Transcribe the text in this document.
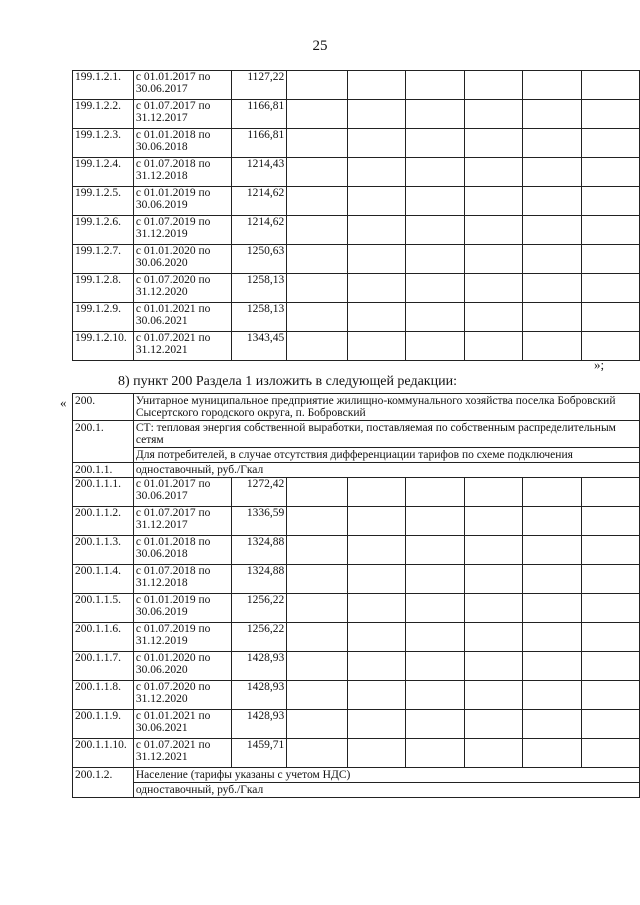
25
199.1.2.1.	с 01.01.2017 по 30.06.2017	1127,22						
199.1.2.2.	с 01.07.2017 по 31.12.2017	1166,81						
199.1.2.3.	с 01.01.2018 по 30.06.2018	1166,81						
199.1.2.4.	с 01.07.2018 по 31.12.2018	1214,43						
199.1.2.5.	с 01.01.2019 по 30.06.2019	1214,62						
199.1.2.6.	с 01.07.2019 по 31.12.2019	1214,62						
199.1.2.7.	с 01.01.2020 по 30.06.2020	1250,63						
199.1.2.8.	с 01.07.2020 по 31.12.2020	1258,13						
199.1.2.9.	с 01.01.2021 по 30.06.2021	1258,13						
199.1.2.10.	с 01.07.2021 по 31.12.2021	1343,45						
»;
8) пункт 200 Раздела 1 изложить в следующей редакции:
« 200.	Унитарное муниципальное предприятие жилищно-коммунального хозяйства поселка Бобровский Сысертского городского округа, п. Бобровский							
200.1.	СТ: тепловая энергия собственной выработки, поставляемая по собственным распределительным сетям							
	Для потребителей, в случае отсутствия дифференциации тарифов по схеме подключения							
200.1.1.	одноставочный, руб./Гкал							
200.1.1.1.	с 01.01.2017 по 30.06.2017	1272,42						
200.1.1.2.	с 01.07.2017 по 31.12.2017	1336,59						
200.1.1.3.	с 01.01.2018 по 30.06.2018	1324,88						
200.1.1.4.	с 01.07.2018 по 31.12.2018	1324,88						
200.1.1.5.	с 01.01.2019 по 30.06.2019	1256,22						
200.1.1.6.	с 01.07.2019 по 31.12.2019	1256,22						
200.1.1.7.	с 01.01.2020 по 30.06.2020	1428,93						
200.1.1.8.	с 01.07.2020 по 31.12.2020	1428,93						
200.1.1.9.	с 01.01.2021 по 30.06.2021	1428,93						
200.1.1.10.	с 01.07.2021 по 31.12.2021	1459,71						
200.1.2.	Население (тарифы указаны с учетом НДС)							
	одноставочный, руб./Гкал							
